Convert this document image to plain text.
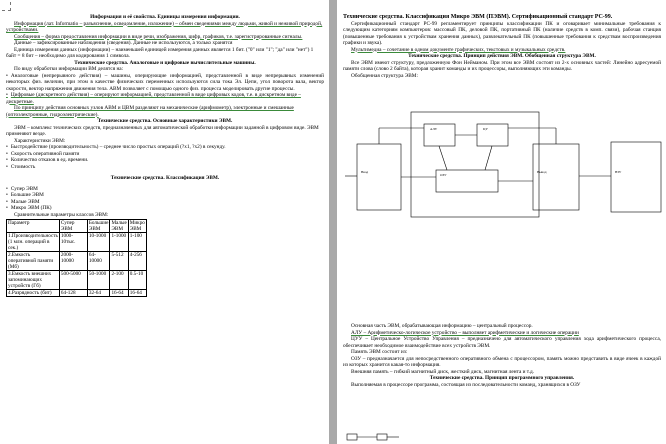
Информация и её свойства. Единицы измерения информации.

Информация (лат. Informatio – разъяснение, осведомление, изложение) – обмен сведениями между людьми, живой и неживой природой, устройствами.

Сообщения – форма предоставления информации в виде речи, изображения, цифр, графиков, т.е. зарегистрированные сигналы.

Данные – зафиксированные наблюдения (сведения). Данные не используются, а только хранятся

Единица измерения данных (информации) – наименьшей единицей измерения данных является 1 бит. ("0" или "1"; "да" или "нет") 1 байт = 8 бит – необходимо для кодирования 1 символа.

Технические средства. Аналоговые и цифровые вычислительные машины.

По виду обработки информации ВМ делятся на:

• Аналоговые (непрерывного действия) – машины, оперирующие информацией, представленной в виде непрерывных изменений некоторых физ. величин, при этом в качестве физических переменных используются сила тока Эл. Цепи, угол поворота вала, вектор скорости, вектор напряжения движения тела. АВМ позволяет с помощью одного физ. процесса моделировать другие процессы.

• Цифровые (дискретного действия) – оперируют информацией, представленной в виде цифровых кодов, т.е. в дискретном виде – дискретные.

По принципу действия основных узлов АВМ и ЦВМ разделяют на механические (арифмометр), электронные и смешанные (оптоэлектронные, гидроэлектрические).

Технические средства. Основные характеристики ЭВМ.

ЭВМ – комплекс технических средств, предназначенных для автоматической обработки информации заданной в цифровом виде. ЭВМ применяют везде.

Характеристики ЭВМ:

• Быстродействие (производительность) – среднее число простых операций (?x1, ?x2) в секунду.

• Скорость оперативной памяти

• Количество отказов в ед. времени.

• Стоимость

Технические средства. Классификация ЭВМ.

• Супер ЭВМ

• Большие ЭВМ

• Малые ЭВМ

• Микро ЭВМ (ПК)

Сравнительные параметры классов ЭВМ:

Параметр	Супер ЭВМ	Большие ЭВМ	Малые ЭВМ	Микро ЭВМ
1.Производительность (1 млн. операций в сек.)	1000-10тыс.	10-1000	1-1000	1-100
2.Ёмкость оперативной памяти (Мб)	2000-10000	64-10000	5-512	4-256
3.Ёмкость внешних запоминающих устройств (Гб)	500-5000	50-1000	2-100	0.5-10
4.Разрядность (бит)	64-128	32-64	16-64	16-64

Технические средства. Классификация Микро ЭВМ (ПЭВМ). Сертификационный стандарт PC-99.

Сертификационный стандарт PC-99 регламентирует принципы классификации ПК и оговаривает минимальные требования к следующим категориям компьютеров: массовый ПК, деловой ПК, портативный ПК (наличие средств в комп. связи), рабочая станция (повышенные требования к устройствам хранения данных), развлекательный ПК (повышенные требования к средствам воспроизведения графики и звука).

Мультимедиа – сочетание в одном документе графических, текстовых и музыкальных средств.

Технические средства. Принцип действия ЭВМ. Обобщенная структура ЭВМ.

Все ЭВМ имеют структуру, предложенную Фон Нейманом. При этом все ЭВМ состоят из 2-х основных частей: Линейно адресуемой памяти слова (слово 2 байта), которая хранит команды и их процессоры, выполняющих эти команды.

Обобщенная структура ЭВМ:

АЛУ	ЦУ
ОЗУ
Ввод	Вывод	ВЗУ

Основная часть ЭВМ, обрабатывающая информацию – центральный процессор.

АЛУ – Арифметическо-логическое устройство – выполняет арифметические и логические операции

ЦУУ – Центральное Устройство Управления – предназначено для автоматического управления хода арифметического процесса, обеспечивает необходимое взаимодействие всех устройств ЭВМ.

Память ЭВМ состоит из:

ОЗУ – предназначается для непосредственного оперативного обмена с процессором, память можно представить в виде ячеек в каждой из которых хранится какая-то информация.

Внешняя память – гибкий магнитный диск, жесткий диск, магнитная лента и т.д.

Технические средства. Принцип программного управления.

Выполняемая в процессоре программа, состоящая из последовательности команд, хранящихся в ОЗУ
